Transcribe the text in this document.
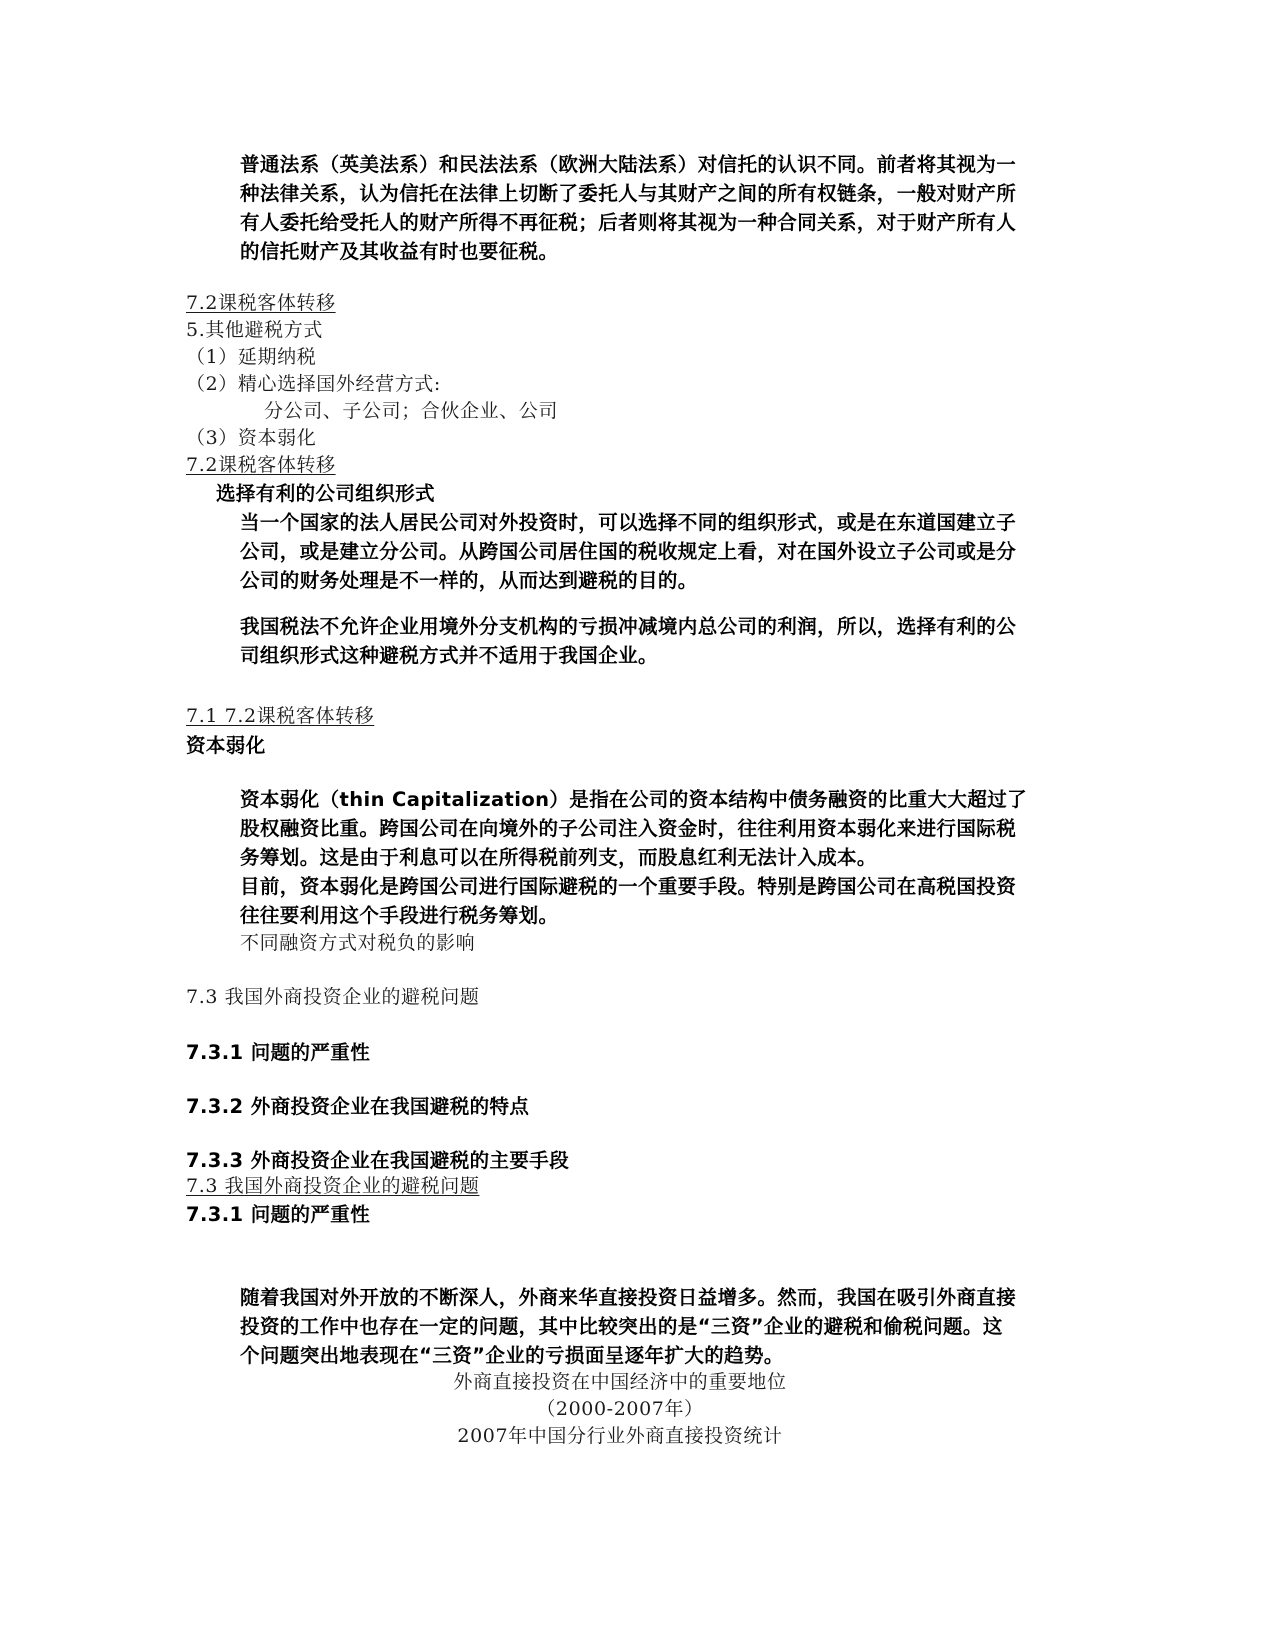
普通法系（英美法系）和民法法系（欧洲大陆法系）对信托的认识不同。前者将其视为一

种法律关系，认为信托在法律上切断了委托人与其财产之间的所有权链条，一般对财产所

有人委托给受托人的财产所得不再征税；后者则将其视为一种合同关系，对于财产所有人

的信托财产及其收益有时也要征税。

7.2课税客体转移
5.其他避税方式
（1）延期纳税
（2）精心选择国外经营方式:
分公司、子公司；合伙企业、公司
（3）资本弱化
7.2课税客体转移
选择有利的公司组织形式

当一个国家的法人居民公司对外投资时，可以选择不同的组织形式，或是在东道国建立子

公司，或是建立分公司。从跨国公司居住国的税收规定上看，对在国外设立子公司或是分

公司的财务处理是不一样的，从而达到避税的目的。

我国税法不允许企业用境外分支机构的亏损冲减境内总公司的利润，所以，选择有利的公

司组织形式这种避税方式并不适用于我国企业。

7.1 7.2课税客体转移
资本弱化

资本弱化（thin Capitalization）是指在公司的资本结构中债务融资的比重大大超过了

股权融资比重。跨国公司在向境外的子公司注入资金时，往往利用资本弱化来进行国际税

务筹划。这是由于利息可以在所得税前列支，而股息红利无法计入成本。

目前，资本弱化是跨国公司进行国际避税的一个重要手段。特别是跨国公司在高税国投资

往往要利用这个手段进行税务筹划。

不同融资方式对税负的影响
7.3 我国外商投资企业的避税问题
7.3.1 问题的严重性
7.3.2 外商投资企业在我国避税的特点
7.3.3 外商投资企业在我国避税的主要手段
7.3 我国外商投资企业的避税问题
7.3.1 问题的严重性

随着我国对外开放的不断深人，外商来华直接投资日益增多。然而，我国在吸引外商直接

投资的工作中也存在一定的问题，其中比较突出的是“三资”企业的避税和偷税问题。这

个问题突出地表现在“三资”企业的亏损面呈逐年扩大的趋势。

外商直接投资在中国经济中的重要地位
（2000-2007年）
2007年中国分行业外商直接投资统计
